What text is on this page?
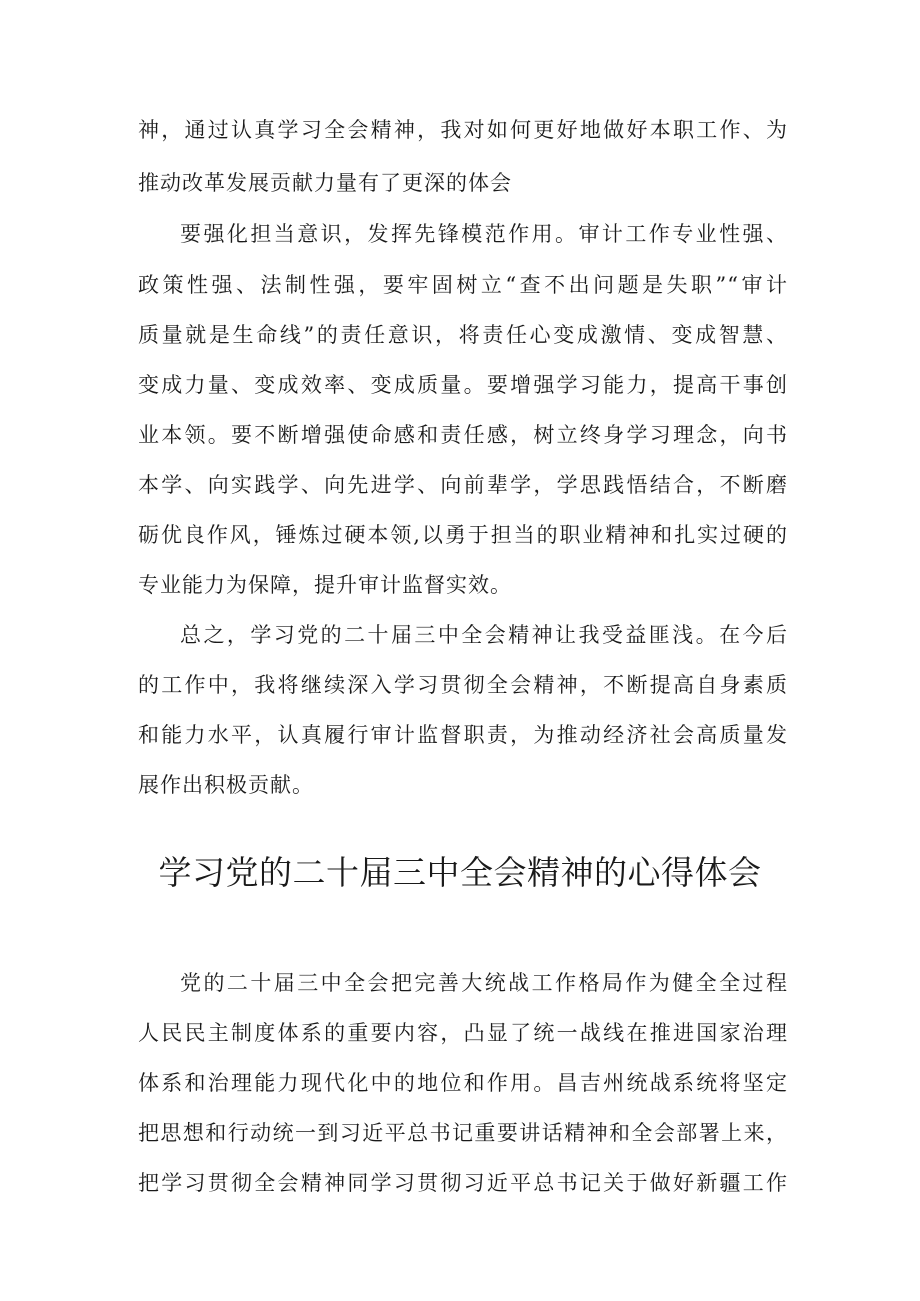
神，通过认真学习全会精神，我对如何更好地做好本职工作、为
推动改革发展贡献力量有了更深的体会
要强化担当意识，发挥先锋模范作用。审计工作专业性强、
政策性强、法制性强，要牢固树立“查不出问题是失职”“审计
质量就是生命线”的责任意识，将责任心变成激情、变成智慧、
变成力量、变成效率、变成质量。要增强学习能力，提高干事创
业本领。要不断增强使命感和责任感，树立终身学习理念，向书
本学、向实践学、向先进学、向前辈学，学思践悟结合，不断磨
砺优良作风，锤炼过硬本领,以勇于担当的职业精神和扎实过硬的
专业能力为保障，提升审计监督实效。
总之，学习党的二十届三中全会精神让我受益匪浅。在今后
的工作中，我将继续深入学习贯彻全会精神，不断提高自身素质
和能力水平，认真履行审计监督职责，为推动经济社会高质量发
展作出积极贡献。
学习党的二十届三中全会精神的心得体会
党的二十届三中全会把完善大统战工作格局作为健全全过程
人民民主制度体系的重要内容，凸显了统一战线在推进国家治理
体系和治理能力现代化中的地位和作用。昌吉州统战系统将坚定
把思想和行动统一到习近平总书记重要讲话精神和全会部署上来，
把学习贯彻全会精神同学习贯彻习近平总书记关于做好新疆工作
